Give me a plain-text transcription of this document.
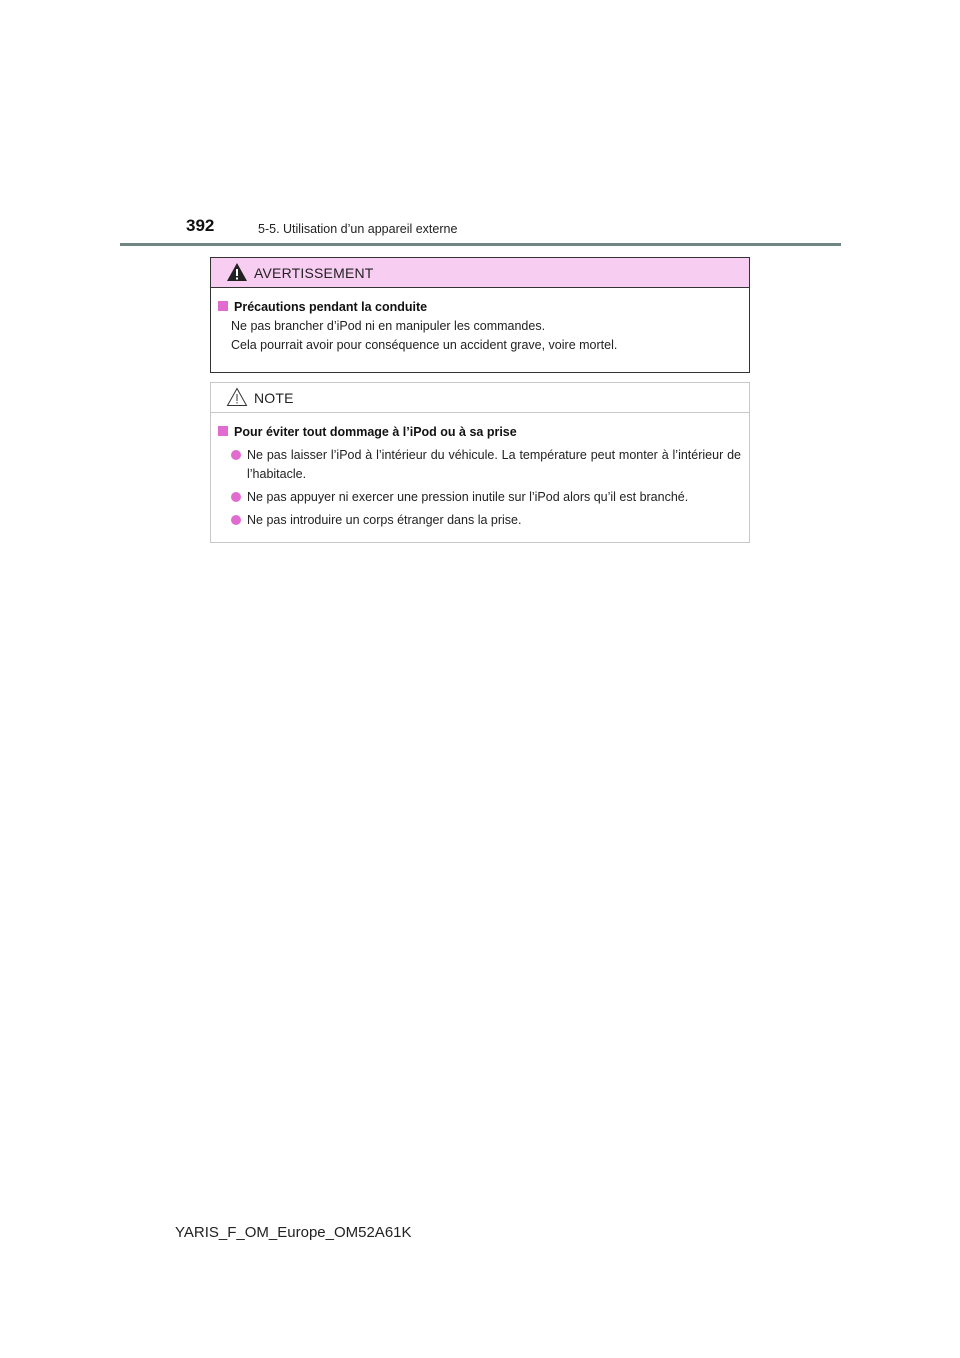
392	5-5. Utilisation d’un appareil externe
AVERTISSEMENT
Précautions pendant la conduite
Ne pas brancher d’iPod ni en manipuler les commandes.
Cela pourrait avoir pour conséquence un accident grave, voire mortel.
NOTE
Pour éviter tout dommage à l’iPod ou à sa prise
Ne pas laisser l’iPod à l’intérieur du véhicule. La température peut monter à l’intérieur de l’habitacle.
Ne pas appuyer ni exercer une pression inutile sur l’iPod alors qu’il est branché.
Ne pas introduire un corps étranger dans la prise.
YARIS_F_OM_Europe_OM52A61K
